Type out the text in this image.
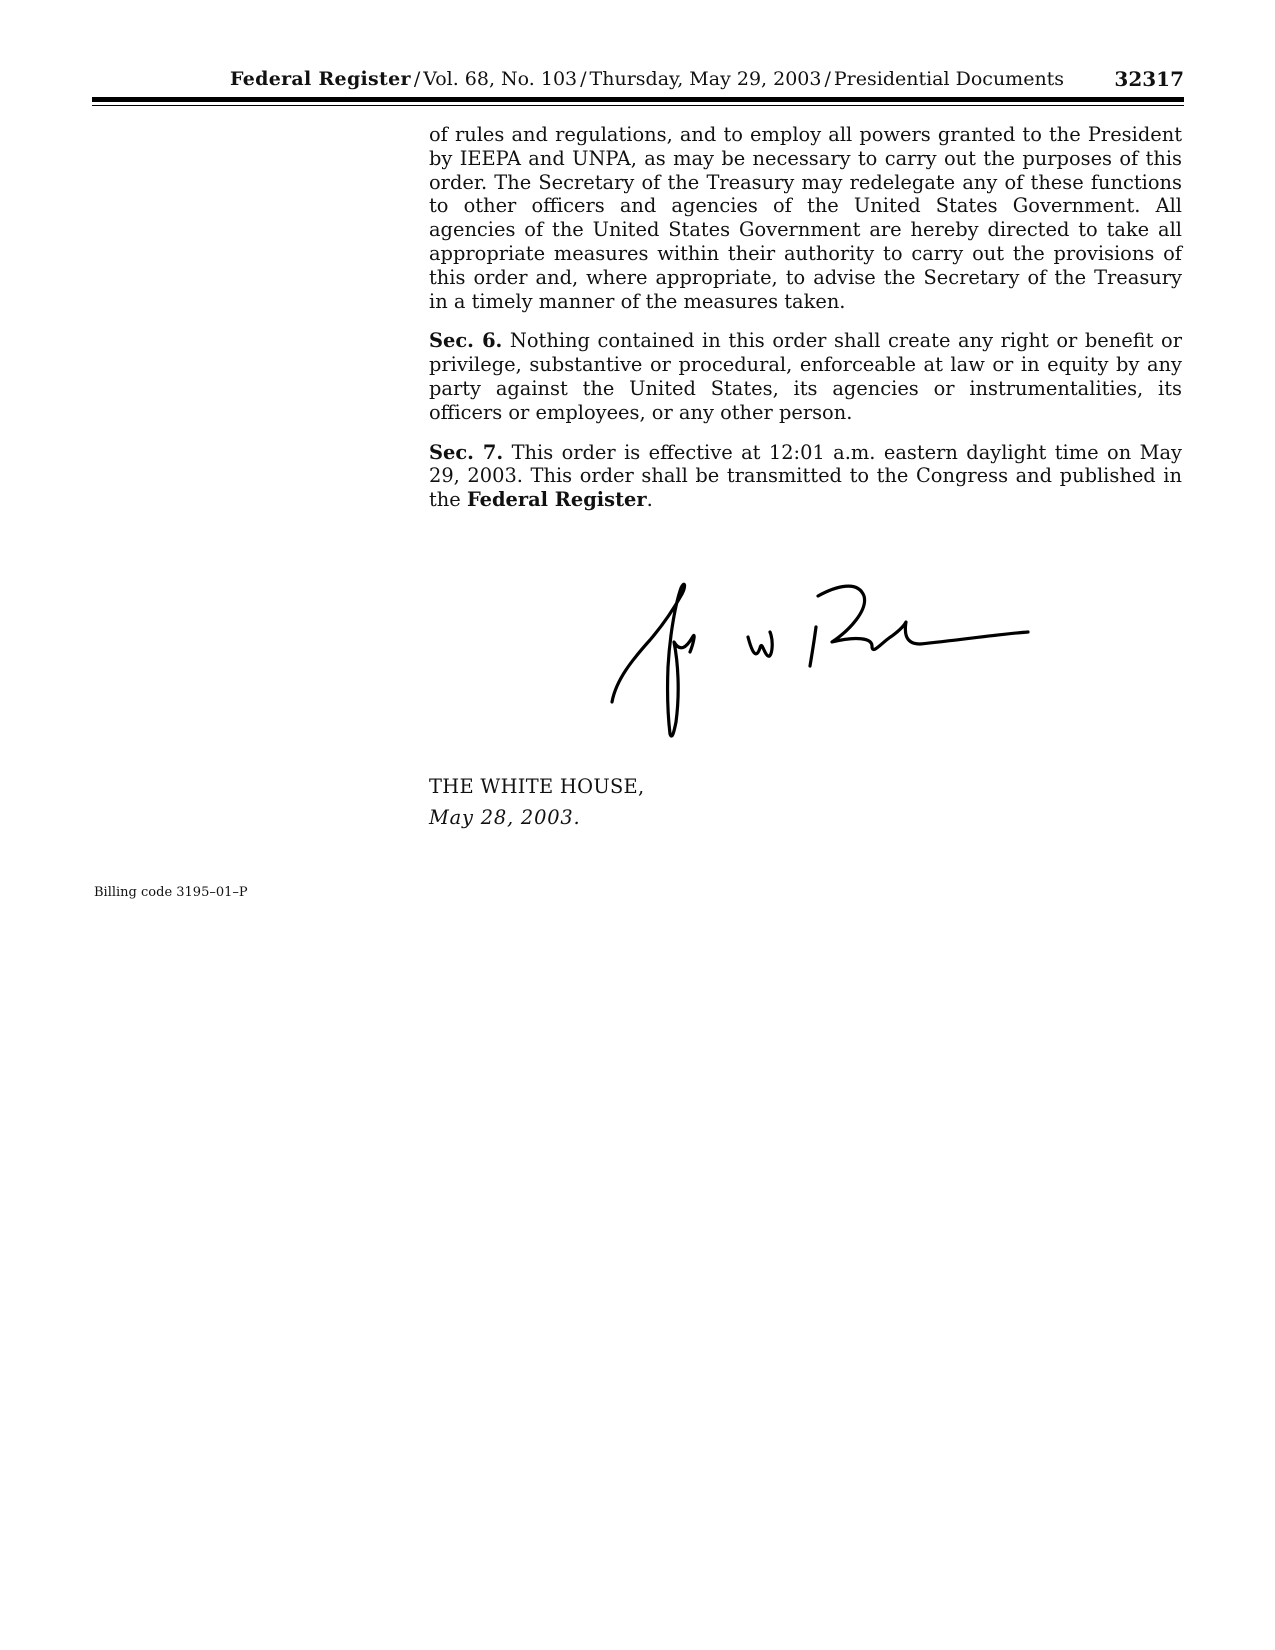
Federal Register / Vol. 68, No. 103 / Thursday, May 29, 2003 / Presidential Documents	32317

of rules and regulations, and to employ all powers granted to the President by IEEPA and UNPA, as may be necessary to carry out the purposes of this order. The Secretary of the Treasury may redelegate any of these functions to other officers and agencies of the United States Government. All agencies of the United States Government are hereby directed to take all appropriate measures within their authority to carry out the provisions of this order and, where appropriate, to advise the Secretary of the Treasury in a timely manner of the measures taken.

Sec. 6. Nothing contained in this order shall create any right or benefit or privilege, substantive or procedural, enforceable at law or in equity by any party against the United States, its agencies or instrumentalities, its officers or employees, or any other person.

Sec. 7. This order is effective at 12:01 a.m. eastern daylight time on May 29, 2003. This order shall be transmitted to the Congress and published in the Federal Register.

THE WHITE HOUSE,
May 28, 2003.
Billing code 3195–01–P
